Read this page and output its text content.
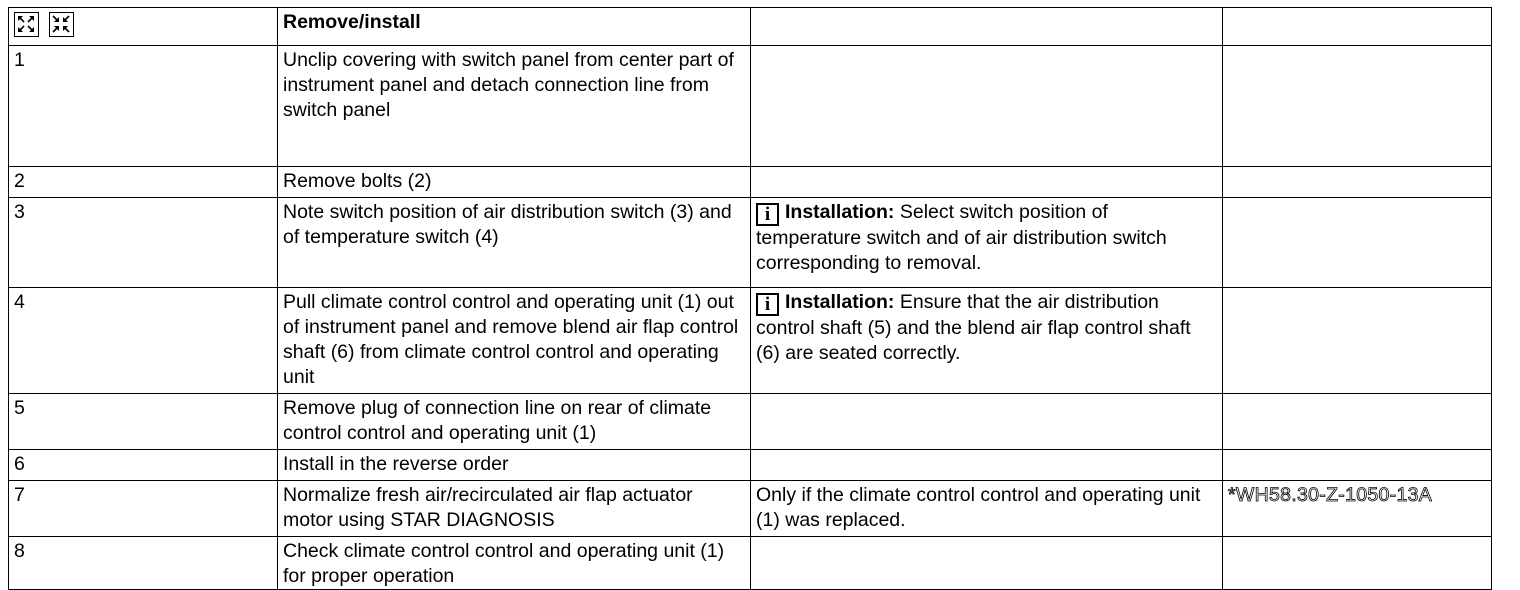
	Remove/install		
1	Unclip covering with switch panel from center part of instrument panel and detach connection line from switch panel		
2	Remove bolts (2)		
3	Note switch position of air distribution switch (3) and of temperature switch (4)	i Installation: Select switch position of temperature switch and of air distribution switch corresponding to removal.	
4	Pull climate control control and operating unit (1) out of instrument panel and remove blend air flap control shaft (6) from climate control control and operating unit	i Installation: Ensure that the air distribution control shaft (5) and the blend air flap control shaft (6) are seated correctly.	
5	Remove plug of connection line on rear of climate control control and operating unit (1)		
6	Install in the reverse order		
7	Normalize fresh air/recirculated air flap actuator motor using STAR DIAGNOSIS	Only if the climate control control and operating unit (1) was replaced.	*WH58.30-Z-1050-13A
8	Check climate control control and operating unit (1) for proper operation		
